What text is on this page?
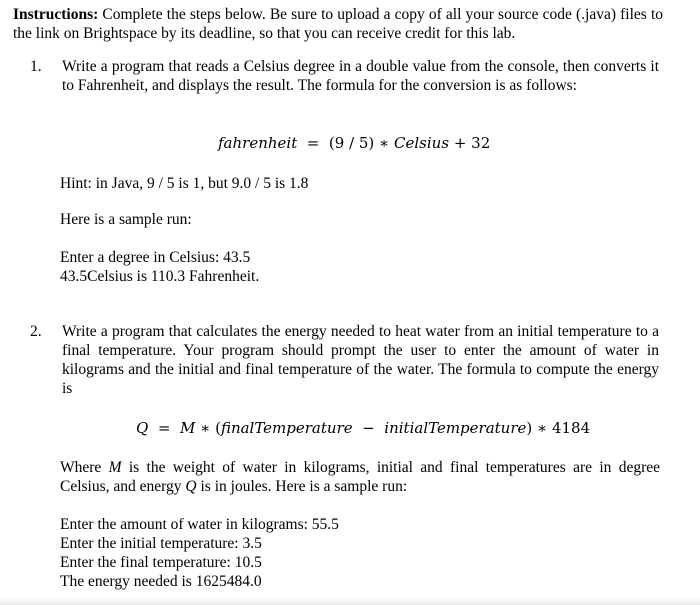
Instructions: Complete the steps below. Be sure to upload a copy of all your source code (.java) files to the link on Brightspace by its deadline, so that you can receive credit for this lab.
1.	Write a program that reads a Celsius degree in a double value from the console, then converts it to Fahrenheit, and displays the result. The formula for the conversion is as follows:
fahrenheit = (9 / 5) ∗ Celsius + 32
Hint: in Java, 9 / 5 is 1, but 9.0 / 5 is 1.8
Here is a sample run:
Enter a degree in Celsius: 43.5
43.5Celsius is 110.3 Fahrenheit.
2.	Write a program that calculates the energy needed to heat water from an initial temperature to a final temperature. Your program should prompt the user to enter the amount of water in kilograms and the initial and final temperature of the water. The formula to compute the energy is
Q = M ∗ (finalTemperature  −  initialTemperature) ∗ 4184
Where M is the weight of water in kilograms, initial and final temperatures are in degree Celsius, and energy Q is in joules. Here is a sample run:
Enter the amount of water in kilograms: 55.5
Enter the initial temperature: 3.5
Enter the final temperature: 10.5
The energy needed is 1625484.0
